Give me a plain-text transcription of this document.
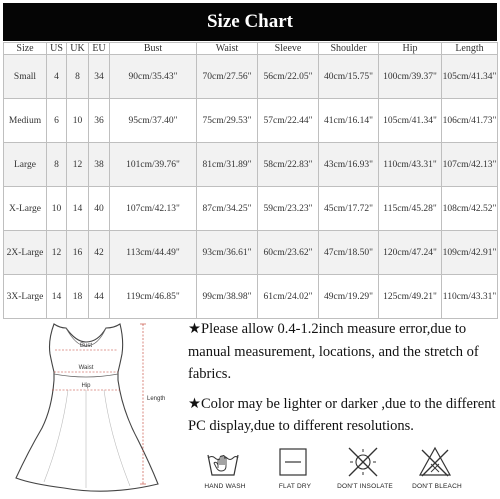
Size Chart
Size	US	UK	EU	Bust	Waist	Sleeve	Shoulder	Hip	Length
Small	4	8	34	90cm/35.43"	70cm/27.56"	56cm/22.05"	40cm/15.75"	100cm/39.37"	105cm/41.34"
Medium	6	10	36	95cm/37.40"	75cm/29.53"	57cm/22.44"	41cm/16.14"	105cm/41.34"	106cm/41.73"
Large	8	12	38	101cm/39.76"	81cm/31.89"	58cm/22.83"	43cm/16.93"	110cm/43.31"	107cm/42.13"
X-Large	10	14	40	107cm/42.13"	87cm/34.25"	59cm/23.23"	45cm/17.72"	115cm/45.28"	108cm/42.52"
2X-Large	12	16	42	113cm/44.49"	93cm/36.61"	60cm/23.62"	47cm/18.50"	120cm/47.24"	109cm/42.91"
3X-Large	14	18	44	119cm/46.85"	99cm/38.98"	61cm/24.02"	49cm/19.29"	125cm/49.21"	110cm/43.31"
Bust
Waist
Hip
Length
★Please allow 0.4-1.2inch measure error,due to manual measurement, locations, and the stretch of fabrics.
★Color may be lighter or darker ,due to the different PC display,due to different resolutions.
HAND WASH	FLAT DRY	DON'T INSOLATE	DON'T BLEACH
